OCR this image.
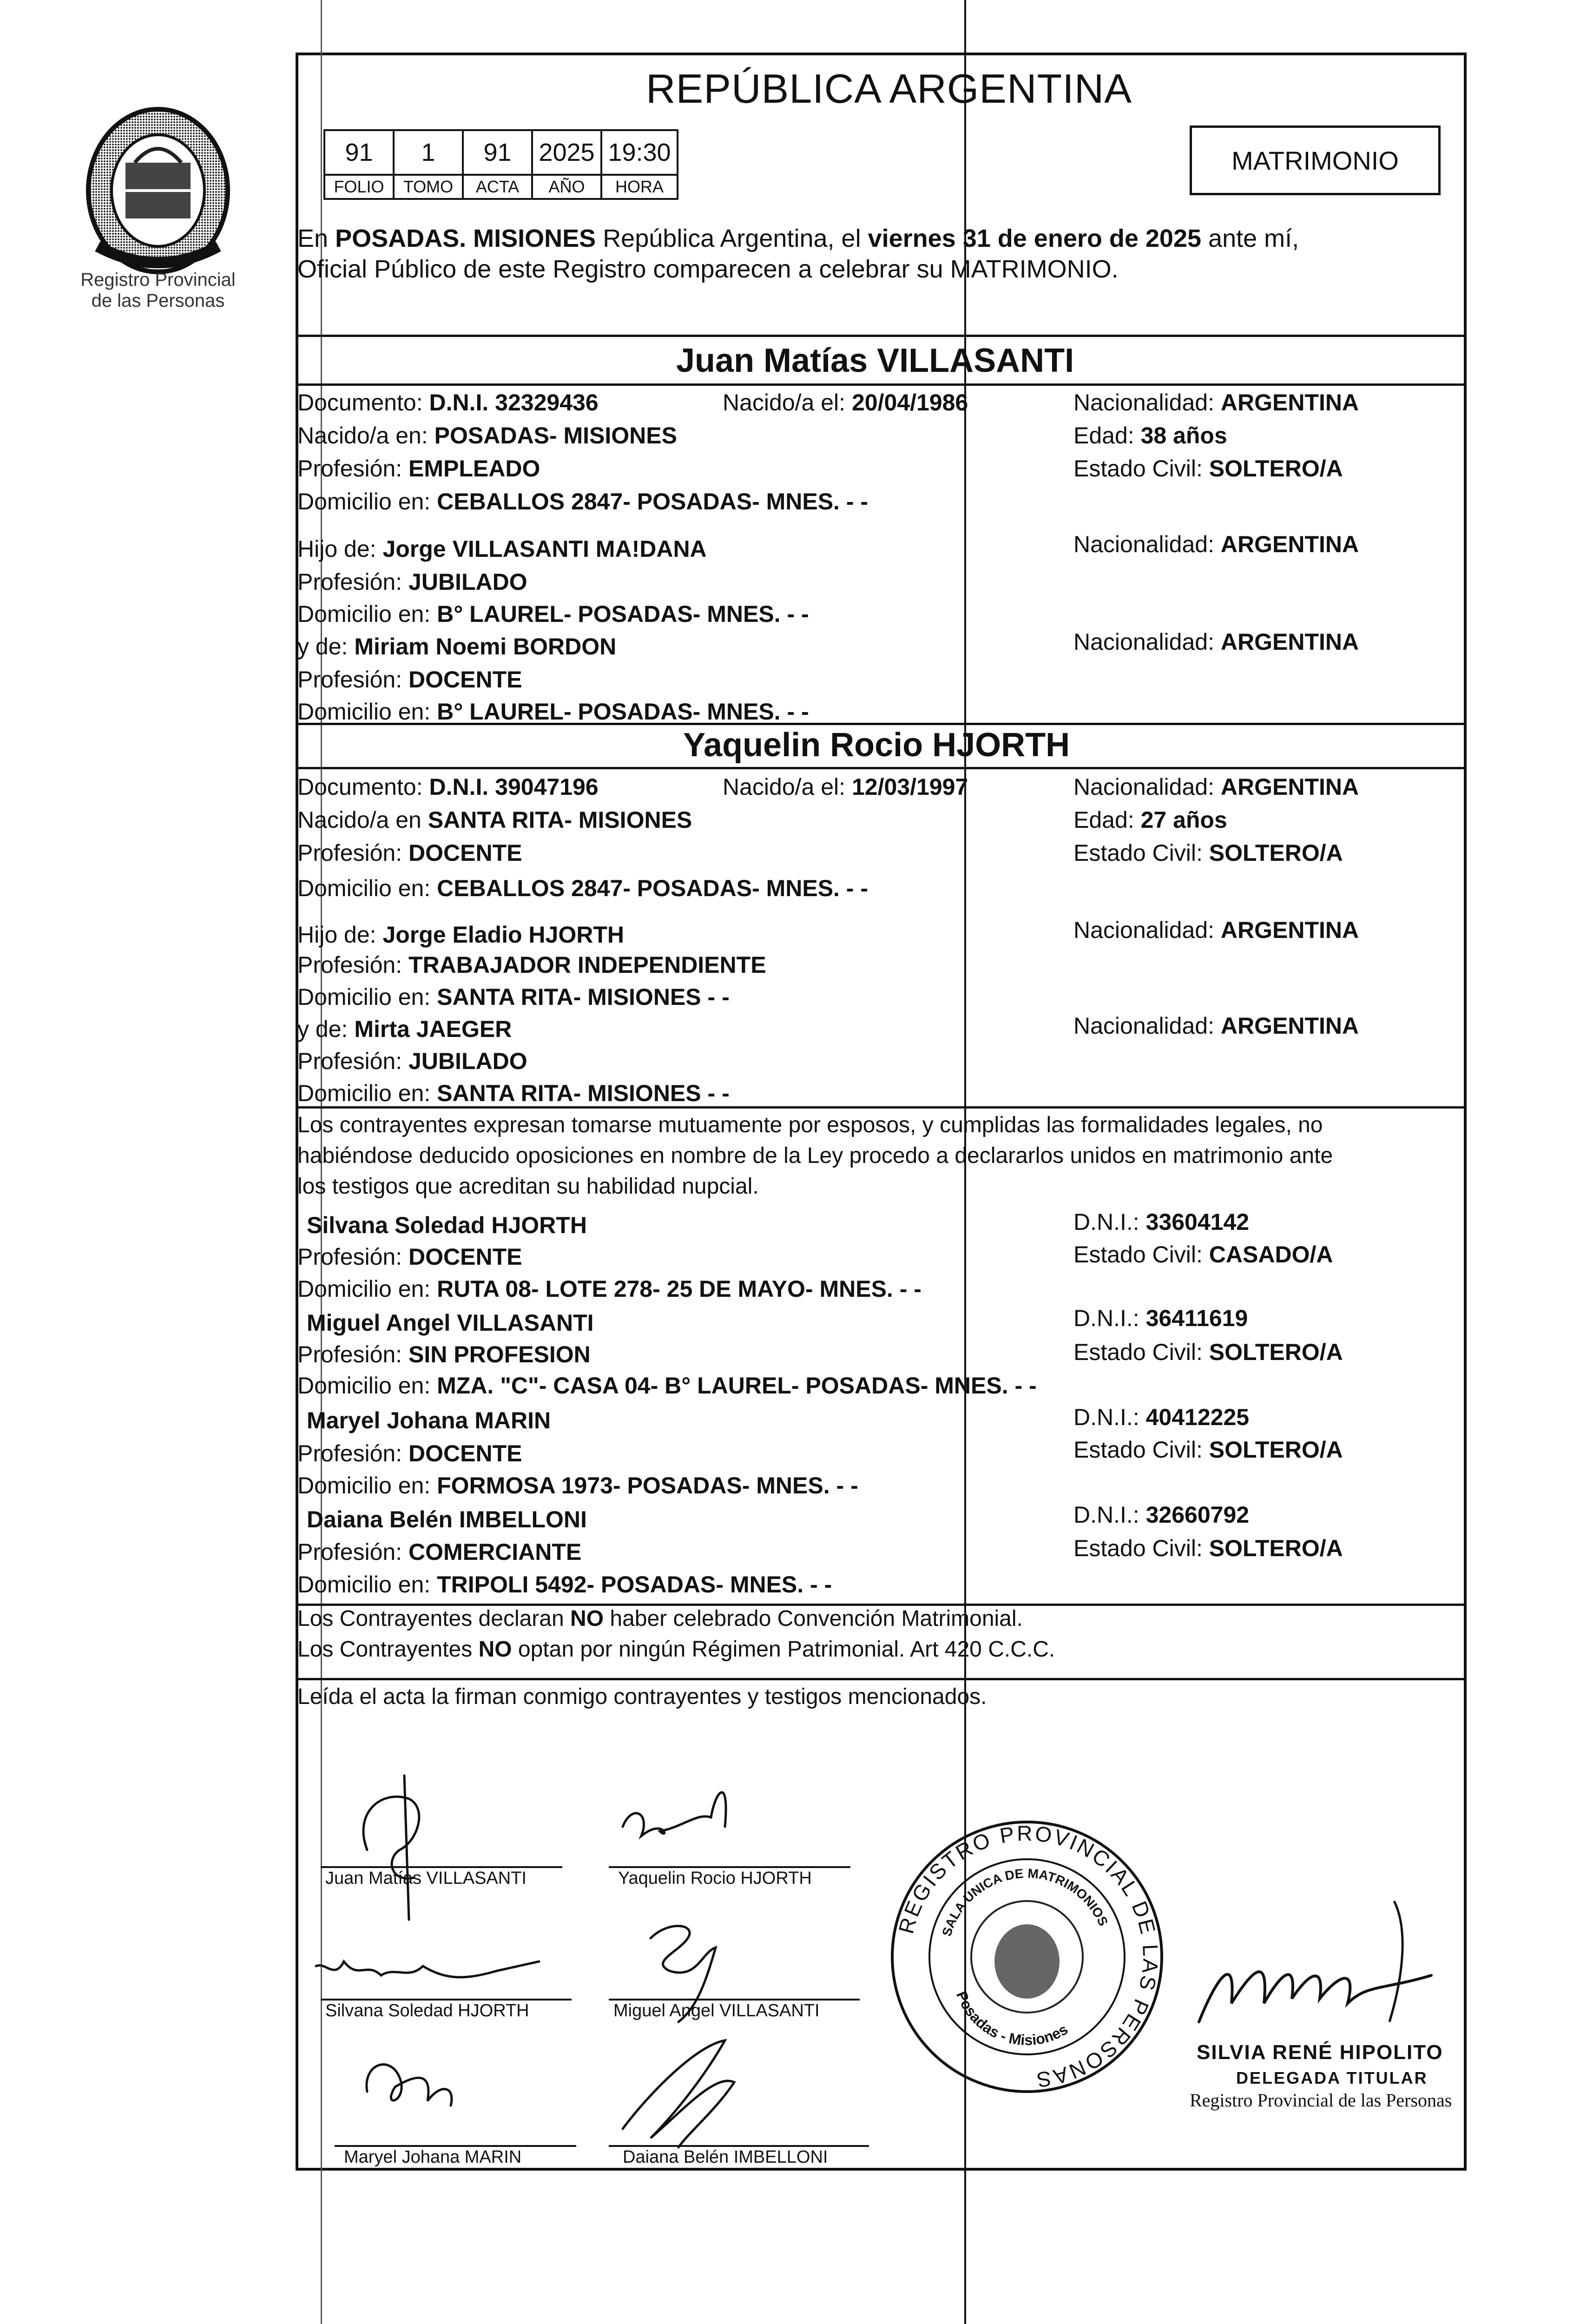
Registro Provincial
de las Personas
REPÚBLICA ARGENTINA
91	1	91	2025	19:30
FOLIO	TOMO	ACTA	AÑO	HORA
MATRIMONIO
En POSADAS. MISIONES República Argentina, el viernes 31 de enero de 2025 ante mí,
Oficial Público de este Registro comparecen a celebrar su MATRIMONIO.
Juan Matías VILLASANTI
Documento: D.N.I. 32329436	Nacido/a el: 20/04/1986	Nacionalidad: ARGENTINA
Nacido/a en: POSADAS- MISIONES	Edad: 38 años
Profesión: EMPLEADO	Estado Civil: SOLTERO/A
Domicilio en: CEBALLOS 2847- POSADAS- MNES. - -
Hijo de: Jorge VILLASANTI MA!DANA	Nacionalidad: ARGENTINA
Profesión: JUBILADO
Domicilio en: B° LAUREL- POSADAS- MNES. - -
y de: Miriam Noemi BORDON	Nacionalidad: ARGENTINA
Profesión: DOCENTE
Domicilio en: B° LAUREL- POSADAS- MNES. - -
Yaquelin Rocio HJORTH
Documento: D.N.I. 39047196	Nacido/a el: 12/03/1997	Nacionalidad: ARGENTINA
Nacido/a en SANTA RITA- MISIONES	Edad: 27 años
Profesión: DOCENTE	Estado Civil: SOLTERO/A
Domicilio en: CEBALLOS 2847- POSADAS- MNES. - -
Hijo de: Jorge Eladio HJORTH	Nacionalidad: ARGENTINA
Profesión: TRABAJADOR INDEPENDIENTE
Domicilio en: SANTA RITA- MISIONES - -
y de: Mirta JAEGER	Nacionalidad: ARGENTINA
Profesión: JUBILADO
Domicilio en: SANTA RITA- MISIONES - -
Los contrayentes expresan tomarse mutuamente por esposos, y cumplidas las formalidades legales, no
habiéndose deducido oposiciones en nombre de la Ley procedo a declararlos unidos en matrimonio ante
los testigos que acreditan su habilidad nupcial.
Silvana Soledad HJORTH	D.N.I.: 33604142
Profesión: DOCENTE	Estado Civil: CASADO/A
Domicilio en: RUTA 08- LOTE 278- 25 DE MAYO- MNES. - -
Miguel Angel VILLASANTI	D.N.I.: 36411619
Profesión: SIN PROFESION	Estado Civil: SOLTERO/A
Domicilio en: MZA. "C"- CASA 04- B° LAUREL- POSADAS- MNES. - -
Maryel Johana MARIN	D.N.I.: 40412225
Profesión: DOCENTE	Estado Civil: SOLTERO/A
Domicilio en: FORMOSA 1973- POSADAS- MNES. - -
Daiana Belén IMBELLONI	D.N.I.: 32660792
Profesión: COMERCIANTE	Estado Civil: SOLTERO/A
Domicilio en: TRIPOLI 5492- POSADAS- MNES. - -
Los Contrayentes declaran NO haber celebrado Convención Matrimonial.
Los Contrayentes NO optan por ningún Régimen Patrimonial. Art 420 C.C.C.
Leída el acta la firman conmigo contrayentes y testigos mencionados.
Juan Matías VILLASANTI	Yaquelin Rocio HJORTH
Silvana Soledad HJORTH	Miguel Angel VILLASANTI
Maryel Johana MARIN	Daiana Belén IMBELLONI
REGISTRO PROVINCIAL DE LAS PERSONAS
SALA ÚNICA DE MATRIMONIOS
Posadas - Misiones
SILVIA RENÉ HIPOLITO
DELEGADA TITULAR
Registro Provincial de las Personas
